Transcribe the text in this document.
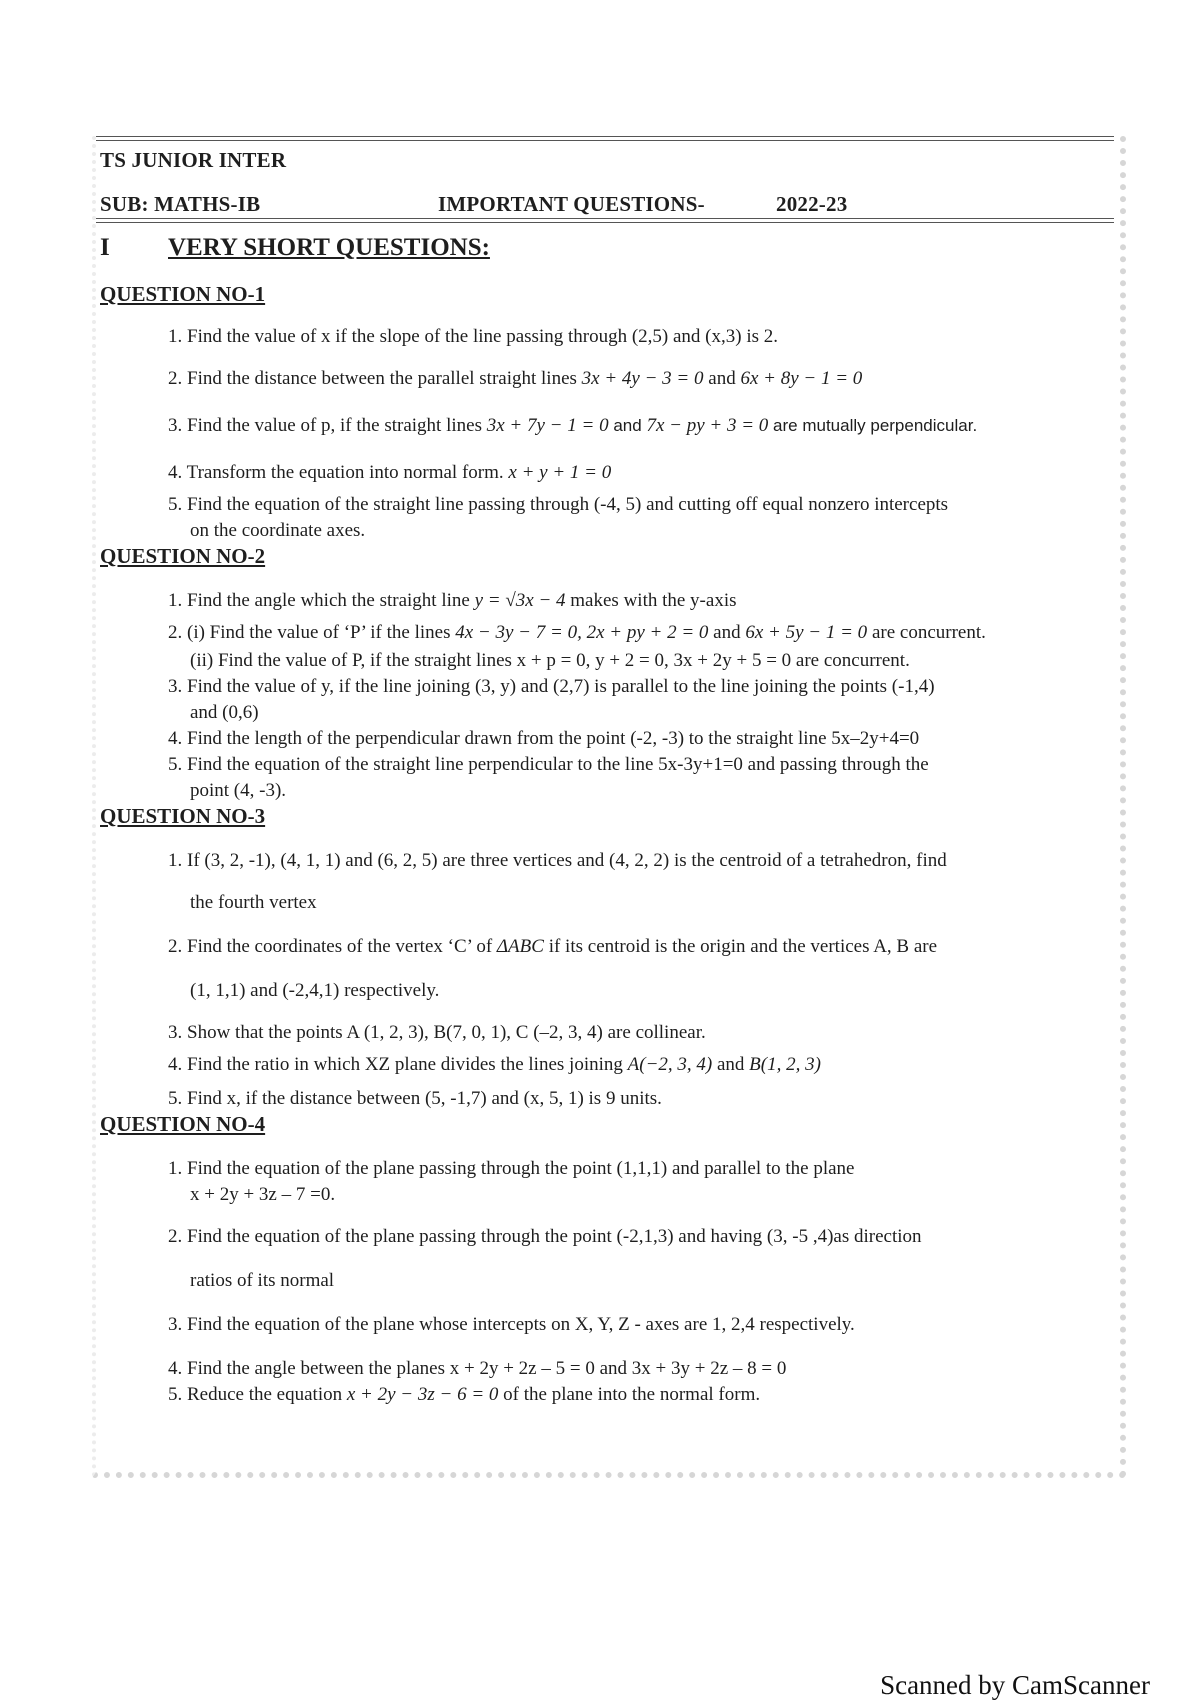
TS JUNIOR INTER
SUB: MATHS-IB	IMPORTANT QUESTIONS-	2022-23
I VERY SHORT QUESTIONS:
QUESTION NO-1
1. Find the value of x if the slope of the line passing through (2,5) and (x,3) is 2.
2. Find the distance between the parallel straight lines 3x + 4y − 3 = 0 and 6x + 8y − 1 = 0
3. Find the value of p, if the straight lines 3x + 7y − 1 = 0 and 7x − py + 3 = 0 are mutually perpendicular.
4. Transform the equation into normal form. x + y + 1 = 0
5. Find the equation of the straight line passing through (-4, 5) and cutting off equal nonzero intercepts
on the coordinate axes.
QUESTION NO-2
1. Find the angle which the straight line y = √3x − 4 makes with the y-axis
2. (i) Find the value of ‘P’ if the lines 4x − 3y − 7 = 0, 2x + py + 2 = 0 and 6x + 5y − 1 = 0 are concurrent.
(ii) Find the value of P, if the straight lines x + p = 0, y + 2 = 0, 3x + 2y + 5 = 0 are concurrent.
3. Find the value of y, if the line joining (3, y) and (2,7) is parallel to the line joining the points (-1,4)
and (0,6)
4. Find the length of the perpendicular drawn from the point (-2, -3) to the straight line 5x–2y+4=0
5. Find the equation of the straight line perpendicular to the line 5x-3y+1=0 and passing through the
point (4, -3).
QUESTION NO-3
1. If (3, 2, -1), (4, 1, 1) and (6, 2, 5) are three vertices and (4, 2, 2) is the centroid of a tetrahedron, find
the fourth vertex
2. Find the coordinates of the vertex ‘C’ of ΔABC if its centroid is the origin and the vertices A, B are
(1, 1,1) and (-2,4,1) respectively.
3. Show that the points A (1, 2, 3), B(7, 0, 1), C (–2, 3, 4) are collinear.
4. Find the ratio in which XZ plane divides the lines joining A(−2, 3, 4) and B(1, 2, 3)
5. Find x, if the distance between (5, -1,7) and (x, 5, 1) is 9 units.
QUESTION NO-4
1. Find the equation of the plane passing through the point (1,1,1) and parallel to the plane
x + 2y + 3z – 7 =0.
2. Find the equation of the plane passing through the point (-2,1,3) and having (3, -5 ,4)as direction
ratios of its normal
3. Find the equation of the plane whose intercepts on X, Y, Z - axes are 1, 2,4 respectively.
4. Find the angle between the planes x + 2y + 2z – 5 = 0 and 3x + 3y + 2z – 8 = 0
5. Reduce the equation x + 2y − 3z − 6 = 0 of the plane into the normal form.
Scanned by CamScanner
